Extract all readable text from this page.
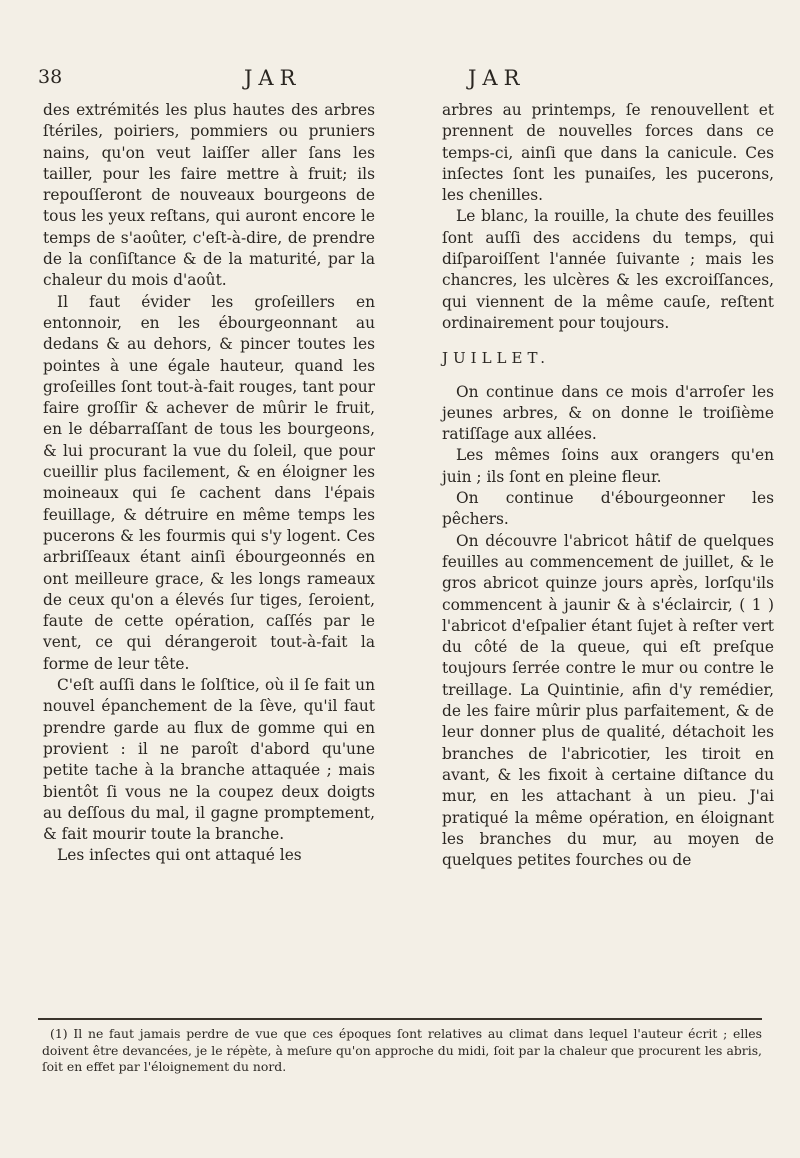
38	JAR	JAR

des extrémités les plus hautes des arbres ſtériles, poiriers, pommiers ou pruniers nains, qu'on veut laiſſer aller ſans les tailler, pour les faire mettre à fruit; ils repouſſeront de nouveaux bourgeons de tous les yeux reſtans, qui auront encore le temps de s'aoûter, c'eſt-à-dire, de prendre de la conſiſtance & de la maturité, par la chaleur du mois d'août.

Il faut évider les groſeillers en entonnoir, en les ébourgeonnant au dedans & au dehors, & pincer toutes les pointes à une égale hauteur, quand les groſeilles ſont tout-à-fait rouges, tant pour faire groſſir & achever de mûrir le fruit, en le débarraſſant de tous les bourgeons, & lui procurant la vue du ſoleil, que pour cueillir plus facilement, & en éloigner les moineaux qui ſe cachent dans l'épais feuillage, & détruire en même temps les pucerons & les fourmis qui s'y logent. Ces arbriſſeaux étant ainſi ébourgeonnés en ont meilleure grace, & les longs rameaux de ceux qu'on a élevés ſur tiges, ſeroient, faute de cette opération, caſſés par le vent, ce qui dérangeroit tout-à-fait la forme de leur tête.

C'eſt auſſi dans le ſolſtice, où il ſe fait un nouvel épanchement de la ſève, qu'il faut prendre garde au flux de gomme qui en provient : il ne paroît d'abord qu'une petite tache à la branche attaquée ; mais bientôt ſi vous ne la coupez deux doigts au deſſous du mal, il gagne promptement, & fait mourir toute la branche.

Les inſectes qui ont attaqué les

arbres au printemps, ſe renouvellent et prennent de nouvelles forces dans ce temps-ci, ainſi que dans la canicule. Ces inſectes ſont les punaiſes, les pucerons, les chenilles.

Le blanc, la rouille, la chute des feuilles ſont auſſi des accidens du temps, qui diſparoiſſent l'année ſuivante ; mais les chancres, les ulcères & les excroiſſances, qui viennent de la même cauſe, reſtent ordinairement pour toujours.

JUILLET.

On continue dans ce mois d'arroſer les jeunes arbres, & on donne le troiſième ratiſſage aux allées.

Les mêmes ſoins aux orangers qu'en juin ; ils ſont en pleine fleur.

On continue d'ébourgeonner les pêchers.

On découvre l'abricot hâtif de quelques feuilles au commencement de juillet, & le gros abricot quinze jours après, lorſqu'ils commencent à jaunir & à s'éclaircir, ( 1 ) l'abricot d'eſpalier étant ſujet à reſter vert du côté de la queue, qui eſt preſque toujours ſerrée contre le mur ou contre le treillage. La Quintinie, afin d'y remédier, de les faire mûrir plus parfaitement, & de leur donner plus de qualité, détachoit les branches de l'abricotier, les tiroit en avant, & les fixoit à certaine diſtance du mur, en les attachant à un pieu. J'ai pratiqué la même opération, en éloignant les branches du mur, au moyen de quelques petites fourches ou de

(1) Il ne faut jamais perdre de vue que ces époques ſont relatives au climat dans lequel l'auteur écrit ; elles doivent être devancées, je le répète, à meſure qu'on approche du midi, ſoit par la chaleur que procurent les abris, ſoit en effet par l'éloignement du nord.
